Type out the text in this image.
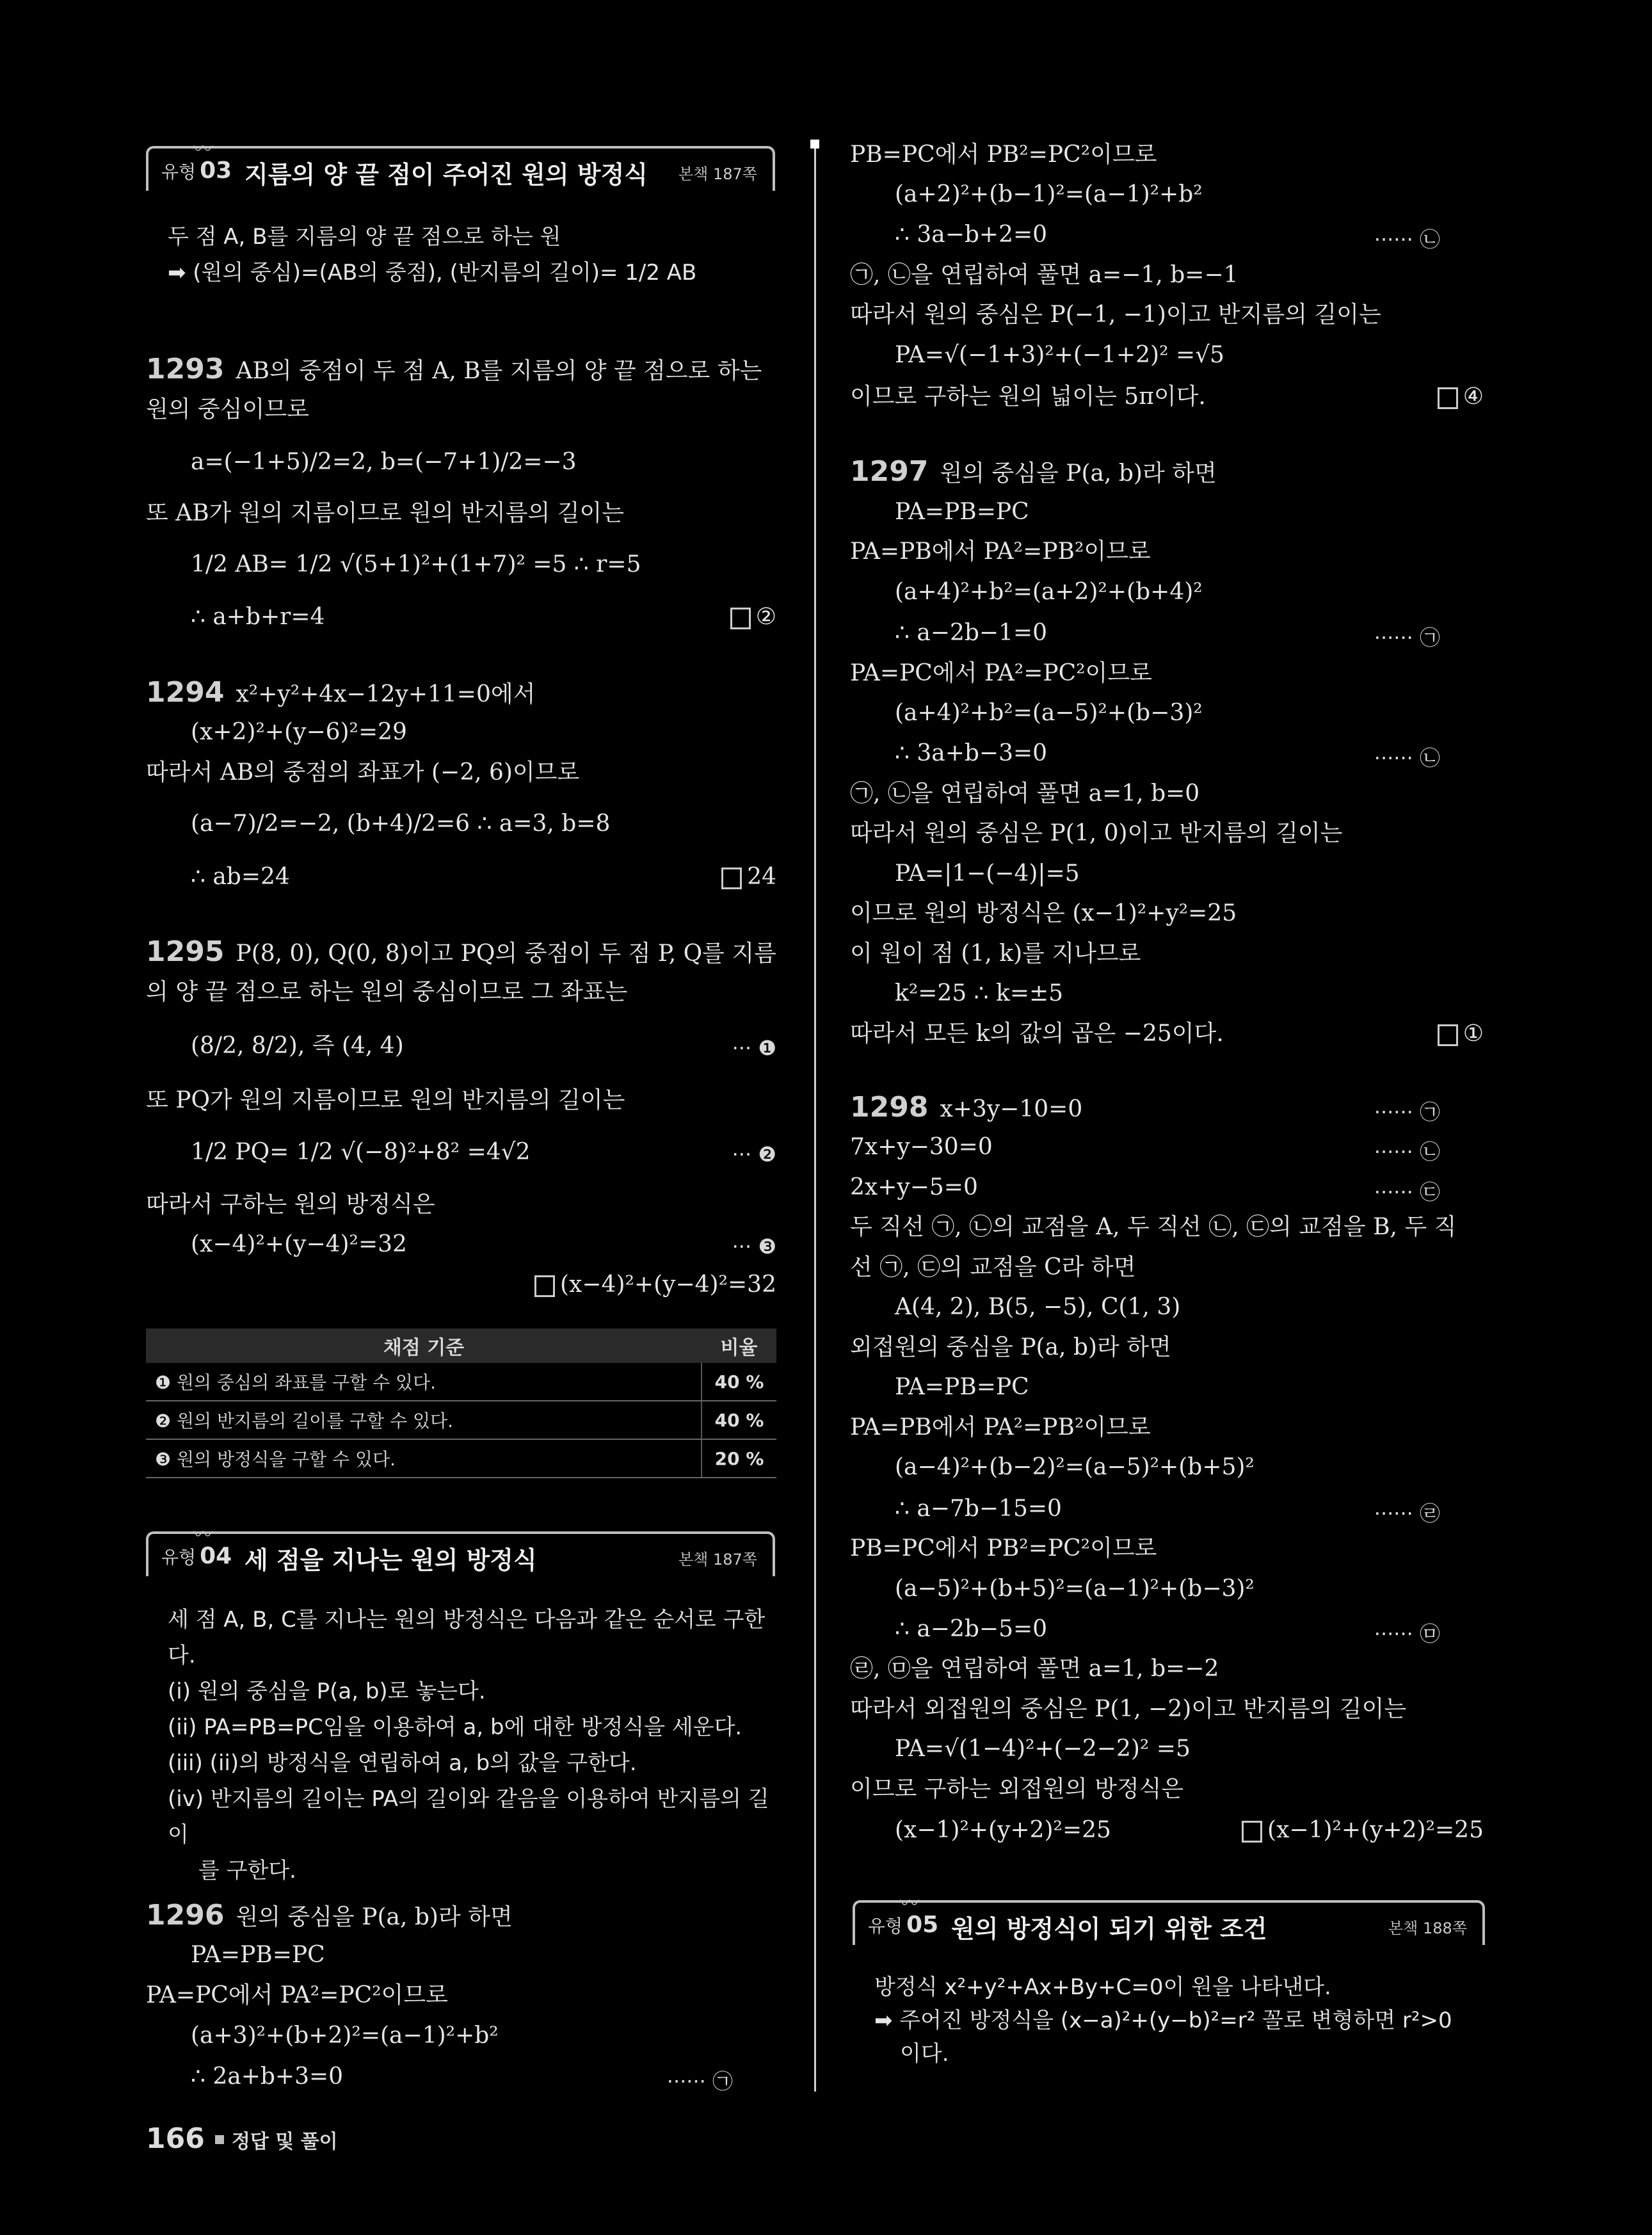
〰
유형 03 지름의 양 끝 점이 주어진 원의 방정식 본책 187쪽
두 점 A, B를 지름의 양 끝 점으로 하는 원
➡ (원의 중심)=(AB의 중점), (반지름의 길이)= 1/2 AB
1293 AB의 중점이 두 점 A, B를 지름의 양 끝 점으로 하는
원의 중심이므로
a=(−1+5)/2=2, b=(−7+1)/2=−3
또 AB가 원의 지름이므로 원의 반지름의 길이는
1/2 AB= 1/2 √(5+1)²+(1+7)² =5 ∴ r=5
∴ a+b+r=4	②
1294 x²+y²+4x−12y+11=0에서
(x+2)²+(y−6)²=29
따라서 AB의 중점의 좌표가 (−2, 6)이므로
(a−7)/2=−2, (b+4)/2=6 ∴ a=3, b=8
∴ ab=24	24
1295 P(8, 0), Q(0, 8)이고 PQ의 중점이 두 점 P, Q를 지름
의 양 끝 점으로 하는 원의 중심이므로 그 좌표는
(8/2, 8/2), 즉 (4, 4)	··· ❶
또 PQ가 원의 지름이므로 원의 반지름의 길이는
1/2 PQ= 1/2 √(−8)²+8² =4√2	··· ❷
따라서 구하는 원의 방정식은
(x−4)²+(y−4)²=32	··· ❸
(x−4)²+(y−4)²=32
채점 기준	비율
❶ 원의 중심의 좌표를 구할 수 있다.	40 %
❷ 원의 반지름의 길이를 구할 수 있다.	40 %
❸ 원의 방정식을 구할 수 있다.	20 %
〰
유형 04 세 점을 지나는 원의 방정식	본책 187쪽
세 점 A, B, C를 지나는 원의 방정식은 다음과 같은 순서로 구한
다.
(i) 원의 중심을 P(a, b)로 놓는다.
(ii) PA=PB=PC임을 이용하여 a, b에 대한 방정식을 세운다.
(iii) (ii)의 방정식을 연립하여 a, b의 값을 구한다.
(iv) 반지름의 길이는 PA의 길이와 같음을 이용하여 반지름의 길이
를 구한다.
1296 원의 중심을 P(a, b)라 하면
PA=PB=PC
PA=PC에서 PA²=PC²이므로
(a+3)²+(b+2)²=(a−1)²+b²
∴ 2a+b+3=0	······ ㉠
PB=PC에서 PB²=PC²이므로
(a+2)²+(b−1)²=(a−1)²+b²
∴ 3a−b+2=0	······ ㉡
㉠, ㉡을 연립하여 풀면 a=−1, b=−1
따라서 원의 중심은 P(−1, −1)이고 반지름의 길이는
PA=√(−1+3)²+(−1+2)² =√5
이므로 구하는 원의 넓이는 5π이다.	④
1297 원의 중심을 P(a, b)라 하면
PA=PB=PC
PA=PB에서 PA²=PB²이므로
(a+4)²+b²=(a+2)²+(b+4)²
∴ a−2b−1=0	······ ㉠
PA=PC에서 PA²=PC²이므로
(a+4)²+b²=(a−5)²+(b−3)²
∴ 3a+b−3=0	······ ㉡
㉠, ㉡을 연립하여 풀면 a=1, b=0
따라서 원의 중심은 P(1, 0)이고 반지름의 길이는
PA=|1−(−4)|=5
이므로 원의 방정식은 (x−1)²+y²=25
이 원이 점 (1, k)를 지나므로
k²=25 ∴ k=±5
따라서 모든 k의 값의 곱은 −25이다.	①
1298 x+3y−10=0	······ ㉠
7x+y−30=0	······ ㉡
2x+y−5=0	······ ㉢
두 직선 ㉠, ㉡의 교점을 A, 두 직선 ㉡, ㉢의 교점을 B, 두 직
선 ㉠, ㉢의 교점을 C라 하면
A(4, 2), B(5, −5), C(1, 3)
외접원의 중심을 P(a, b)라 하면
PA=PB=PC
PA=PB에서 PA²=PB²이므로
(a−4)²+(b−2)²=(a−5)²+(b+5)²
∴ a−7b−15=0	······ ㉣
PB=PC에서 PB²=PC²이므로
(a−5)²+(b+5)²=(a−1)²+(b−3)²
∴ a−2b−5=0	······ ㉤
㉣, ㉤을 연립하여 풀면 a=1, b=−2
따라서 외접원의 중심은 P(1, −2)이고 반지름의 길이는
PA=√(1−4)²+(−2−2)² =5
이므로 구하는 외접원의 방정식은
(x−1)²+(y+2)²=25	(x−1)²+(y+2)²=25
〰
유형 05 원의 방정식이 되기 위한 조건	본책 188쪽
방정식 x²+y²+Ax+By+C=0이 원을 나타낸다.
➡ 주어진 방정식을 (x−a)²+(y−b)²=r² 꼴로 변형하면 r²>0
이다.
166 정답 및 풀이
